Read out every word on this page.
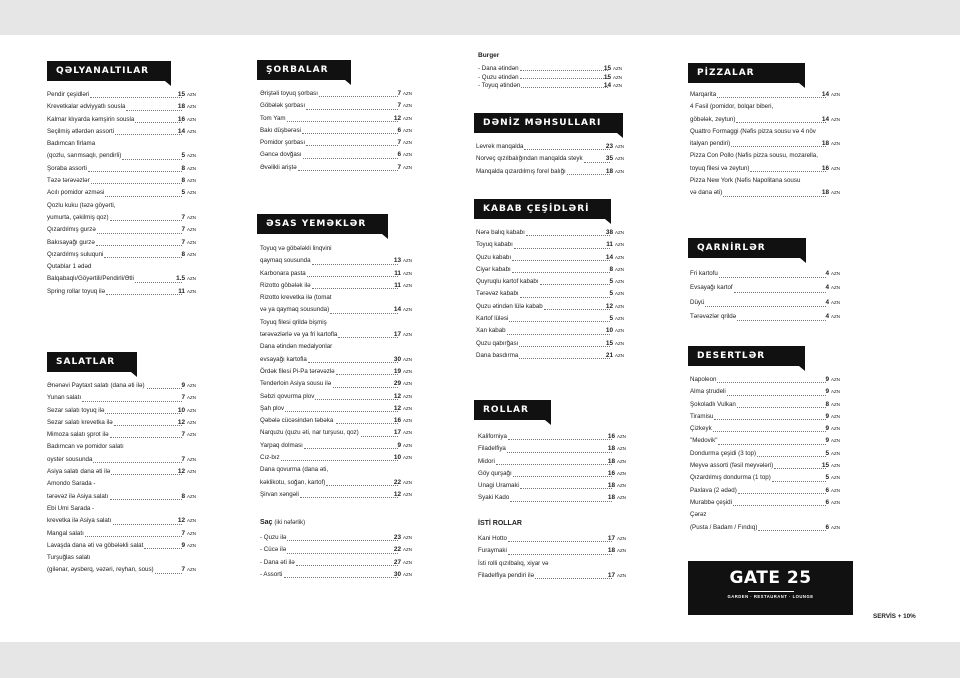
QƏLYANALTILAR
Pendir çeşidləri	15 AZN
Krevetkalar ədviyyatlı sousla	18 AZN
Kalmar klıyarda kəmşirin sousla	16 AZN
Seçilmiş ətlərdən assorti	14 AZN
Badımcan firlama
(qozlu, sarımsaqlı, pendirli)	5 AZN
Şoraba assorti	8 AZN
Təzə tərəvəzlər	8 AZN
Acılı pomidor əzməsi	5 AZN
Qozlu kuku (təzə göyərti,
yumurta, çəkilmiş qoz)	7 AZN
Qızardılmış gurzə	7 AZN
Bakısayağı gurzə	7 AZN
Qızardılmış suluquni	8 AZN
Qutablar 1 ədəd
Balqabaqlı/Göyərtili/Pendirli/Ətli	1.5 AZN
Spring rollar toyuq ilə	11 AZN
SALATLAR
Ənənəvi Paytaxt salatı (dana əti ilə)	9 AZN
Yunan salatı	7 AZN
Sezar salatı toyuq ilə	10 AZN
Sezar salatı krevetka ilə	12 AZN
Mimoza salatı şprot ilə	7 AZN
Badımcan və pomidor salatı
oyster sousunda	7 AZN
Asiya salatı dana əti ilə	12 AZN
Amondo Sarada -
tərəvəz ilə Asiya salatı	8 AZN
Ebi Umi Sarada -
krevetka ilə Asiya salatı	12 AZN
Mangal salatı	7 AZN
Lavaşda dana əti və göbələkli salat	9 AZN
Turşuğlas salatı
(gilənar, əysberq, vəzəri, reyhan, sous)	7 AZN
ŞORBALAR
Əriştəli toyuq şorbası	7 AZN
Göbələk şorbası	7 AZN
Tom Yam	12 AZN
Bakı düşbərəsi	6 AZN
Pomidor şorbası	7 AZN
Gəncə dovğası	6 AZN
Əvəlikli ariştə	7 AZN
ƏSAS YEMƏKLƏR
Toyuq və göbələkli linqvini
qaymaq sousunda	13 AZN
Karbonara pasta	11 AZN
Rizotto göbələk ilə	11 AZN
Rizotto krevetka ilə (tomat
və ya qaymaq sousunda)	14 AZN
Toyuq filesi qrildə bişmiş
tərəvəzlərlə və ya fri kartofla	17 AZN
Dana ətindən medalyonlar
evsayağı kartofla	30 AZN
Ördək filesi Pi-Pa tərəvəzlə	19 AZN
Tenderloin Asiya sousu ilə	29 AZN
Səbzi qovurma plov	12 AZN
Şah plov	12 AZN
Qəbələ cücəsindən təbəka	16 AZN
Narquzu (quzu əti, nar turşusu, qoz)	17 AZN
Yarpaq dolması	9 AZN
Cız-bız	10 AZN
Dana qovurma (dana əti,
kəklikotu, soğan, kartof)	22 AZN
Şirvan xəngəli	12 AZN
Saç (iki nəfərlik)
- Quzu ilə	23 AZN
- Cücə ilə	22 AZN
- Dana əti ilə	27 AZN
- Assorti	30 AZN
Burger
- Dana ətindən	15 AZN
- Quzu ətindən	15 AZN
- Toyuq ətindən	14 AZN
DƏNİZ MƏHSULLARI
Levrek manqalda	23 AZN
Norveç qızılbalığından manqalda steyk	35 AZN
Manqalda qızardılmış forel balığı	18 AZN
KABAB ÇEŞİDLƏRİ
Nərə balıq kababı	38 AZN
Toyuq kababı	11 AZN
Quzu kababı	14 AZN
Ciyər kababı	8 AZN
Quyruqlu kartof kababı	5 AZN
Tərəvəz kababı	5 AZN
Quzu ətindən lülə kabab	12 AZN
Kartof lüləsi	5 AZN
Xan kabab	10 AZN
Quzu qabırğası	15 AZN
Dana basdırma	21 AZN
ROLLAR
Kaliforniya	16 AZN
Filadelfiya	18 AZN
Midori	18 AZN
Göy qurşağı	16 AZN
Unagi Uramaki	18 AZN
Syaki Kado	18 AZN
İSTİ ROLLAR
Kani Hotto	17 AZN
Furaymaki	18 AZN
İsti rolli qızılbalıq, xiyar və
Filadelfiya pendiri ilə	17 AZN
PİZZALAR
Marqarita	14 AZN
4 Fəsil (pomidor, bolqar biberi,
göbələk, zeytun)	14 AZN
Quattro Formaggi (Nəfis pizza sousu və 4 növ
italyan pendiri)	18 AZN
Pizza Con Pollo (Nəfis pizza sousu, mozarella,
toyuq filesi və zeytun)	16 AZN
Pizza New York (Nəfis Napolitana sousu
və dana əti)	18 AZN
QARNİRLƏR
Fri kartofu	4 AZN
Evsayağı kartof	4 AZN
Düyü	4 AZN
Tərəvəzlər qrildə	4 AZN
DESERTLƏR
Napoleon	9 AZN
Alma ştrudeli	9 AZN
Şokoladlı Vulkan	8 AZN
Tiramisu	9 AZN
Çizkeyk	9 AZN
"Medovik"	9 AZN
Dondurma çeşidi (3 top)	5 AZN
Meyvə assorti (fəsil meyvələri)	15 AZN
Qızardılmış dondurma (1 top)	5 AZN
Paxlava (2 ədəd)	6 AZN
Murabbə çeşidi	6 AZN
Çərəz
(Pusta / Badam / Fındıq)	6 AZN
GATE 25
GARDEN · RESTAURANT · LOUNGE
SERVİS + 10%
